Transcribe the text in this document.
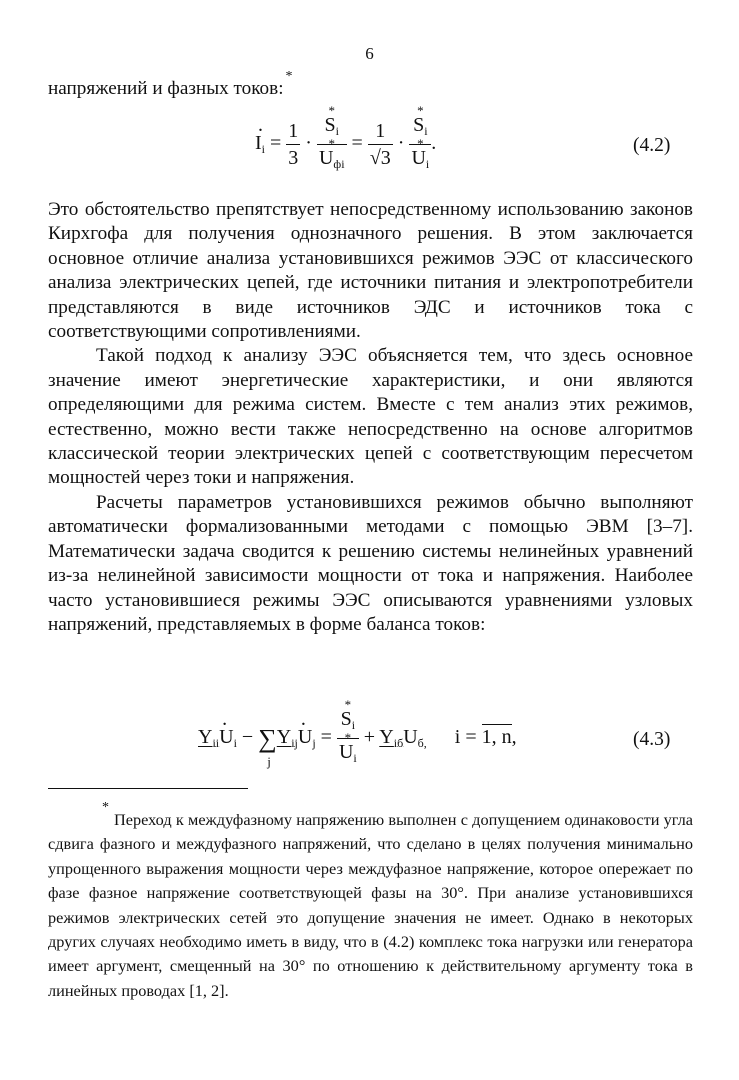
6
напряжений и фазных токов:*
. $I_i = \frac{1}{3}$ · * $S_i$
* $U_{фi} = \frac{1}{√3}$ · * $S_i$
* $U_i$ .	(4.2)

Это обстоятельство препятствует непосредственному использованию законов Кирхгофа для получения однозначного решения. В этом заключается основное отличие анализа установившихся режимов ЭЭС от классического анализа электрических цепей, где источники питания и электропотребители представляются в виде источников ЭДС и источников тока с соответствующими сопротивлениями.

Такой подход к анализу ЭЭС объясняется тем, что здесь основное значение имеют энергетические характеристики, и они являются определяющими для режима систем. Вместе с тем анализ этих режимов, естественно, можно вести также непосредственно на основе алгоритмов классической теории электрических цепей с соответствующим пересчетом мощностей через токи и напряжения.

Расчеты параметров установившихся режимов обычно выполняют автоматически формализованными методами с помощью ЭВМ [3–7]. Математически задача сводится к решению системы нелинейных уравнений из-за нелинейной зависимости мощности от тока и напряжения. Наиболее часто установившиеся режимы ЭЭС описываются уравнениями узловых напряжений, представляемых в форме баланса токов:

$Y_{ii}$. $U_i$ − ∑
j
$Y_{ij}$. $U_j$ = * $S_i$
* $U_i + Y_{iб}U_{б,}$ i = 1, n,	(4.3)
*

Переход к междуфазному напряжению выполнен с допущением одинаковости угла сдвига фазного и междуфазного напряжений, что сделано в целях получения минимально упрощенного выражения мощности через междуфазное напряжение, которое опережает по фазе фазное напряжение соответствующей фазы на 30°. При анализе установившихся режимов электрических сетей это допущение значения не имеет. Однако в некоторых других случаях необходимо иметь в виду, что в (4.2) комплекс тока нагрузки или генератора имеет аргумент, смещенный на 30° по отношению к действительному аргументу тока в линейных проводах [1, 2].
